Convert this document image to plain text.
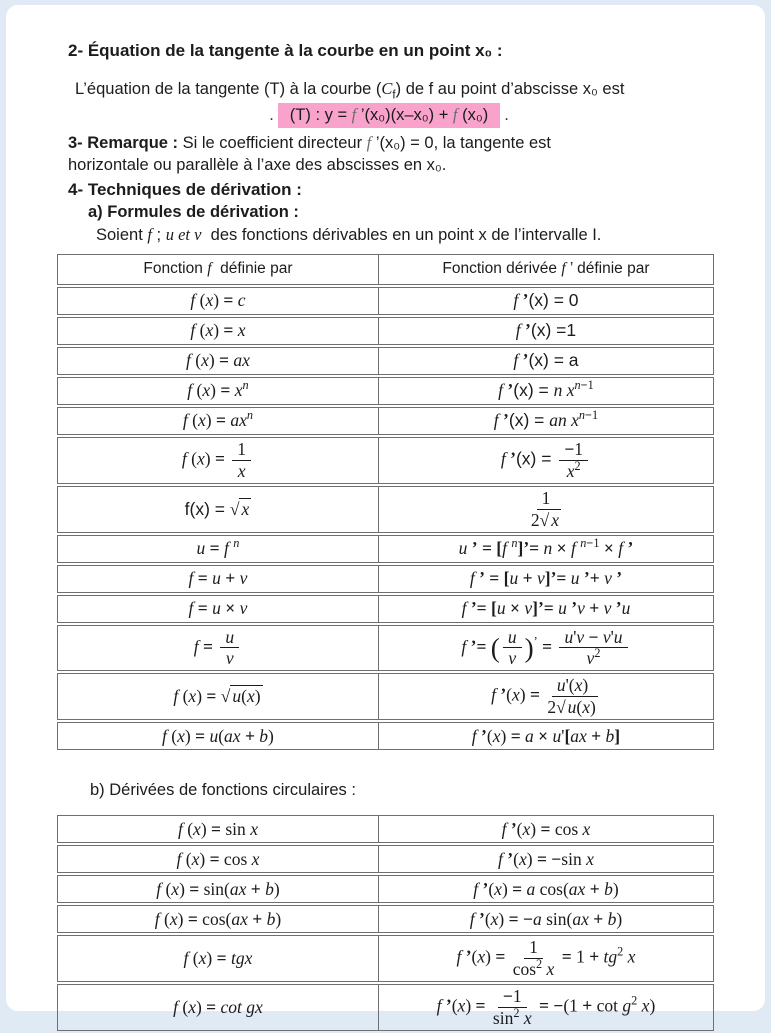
2- Équation de la tangente à la courbe en un point x₀ :
L’équation de la tangente (T) à la courbe $(C_f)$ de f au point d’abscisse x₀ est
. (T) : y = f ’(x₀)(x–x₀) + f (x₀) .
3- Remarque : Si le coefficient directeur f ’(x₀) = 0, la tangente est
horizontale ou parallèle à l’axe des abscisses en x₀.
4- Techniques de dérivation :
a) Formules de dérivation :
Soient f ; u et v  des fonctions dérivables en un point x de l’intervalle I.
Fonction f  définie par	Fonction dérivée f ’ définie par
f (x) = c	f ’(x) = 0
f (x) = x	f ’(x) =1
f (x) = ax	f ’(x) = a
f $(x) = x^n$	f ’(x) = n $x^{n-1}$
f $(x) = ax^n$	f ’(x) = an $x^{n-1}$
f $(x) = \frac{1}{x}$	f ’(x) = $\frac{-1}{x^2}$

f(x) = √ x	$\frac{1}{2√ x}$

u = f $^n$	u ’ = [f $^n$]’= n × f $^{n-1}$ × f ’
f = u + v	f ’ = [u + v]’= u ’+ v ’
f = u × v	f ’= [u × v]’= u ’v + v ’u
$f = \frac{u}{v}$	f ’= ( $\frac{u}{v} )^’ = \frac{u'v - v'u}{v^2}$

f (x) = √ u(x)	f ’(x) = $\frac{u'(x)}{2√ u(x)}$

f (x) = u(ax + b)	f ’(x) = a × u'[ax + b]
b) Dérivées de fonctions circulaires :
f (x) = sin x	f ’(x) = cos x
f (x) = cos x	f ’(x) = −sin x
f (x) = sin(ax + b)	f ’(x) = a cos(ax + b)
f (x) = cos(ax + b)	f ’(x) = −a sin(ax + b)
f (x) = tgx	f ’(x) = $\frac{1}{\cos^2 x} = 1 + tg^2$ x
f (x) = cot gx	f ’(x) = $\frac{-1}{\sin^2 x} = -(1 + \cot g^2$ x)
